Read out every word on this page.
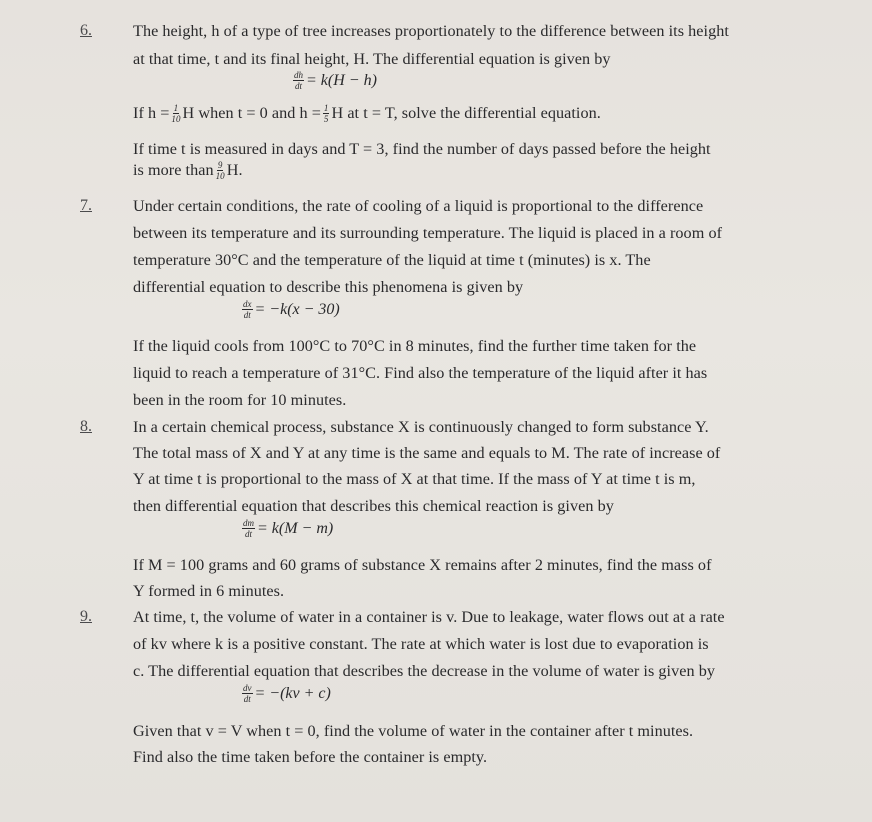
6.	The height, h of a type of tree increases proportionately to the difference between its height
at that time, t and its final height, H. The differential equation is given by
$\frac{dh}{dt} = k(H - h)$
If $h = \frac{1}{10}$ H when t = 0 and $h = \frac{1}{5}$ H at t = T, solve the differential equation.
If time t is measured in days and T = 3, find the number of days passed before the height
is more than $\frac{9}{10} H$.
7.	Under certain conditions, the rate of cooling of a liquid is proportional to the difference
between its temperature and its surrounding temperature. The liquid is placed in a room of
temperature 30°C and the temperature of the liquid at time t (minutes) is x. The
differential equation to describe this phenomena is given by
$\frac{dx}{dt} = -k(x - 30)$
If the liquid cools from 100°C to 70°C in 8 minutes, find the further time taken for the
liquid to reach a temperature of 31°C. Find also the temperature of the liquid after it has
been in the room for 10 minutes.
8.	In a certain chemical process, substance X is continuously changed to form substance Y.
The total mass of X and Y at any time is the same and equals to M. The rate of increase of
Y at time t is proportional to the mass of X at that time. If the mass of Y at time t is m,
then differential equation that describes this chemical reaction is given by
$\frac{dm}{dt} = k(M - m)$
If M = 100 grams and 60 grams of substance X remains after 2 minutes, find the mass of
Y formed in 6 minutes.
9.	At time, t, the volume of water in a container is v. Due to leakage, water flows out at a rate
of kv where k is a positive constant. The rate at which water is lost due to evaporation is
c. The differential equation that describes the decrease in the volume of water is given by
$\frac{dv}{dt} = -(kv + c)$
Given that v = V when t = 0, find the volume of water in the container after t minutes.
Find also the time taken before the container is empty.
